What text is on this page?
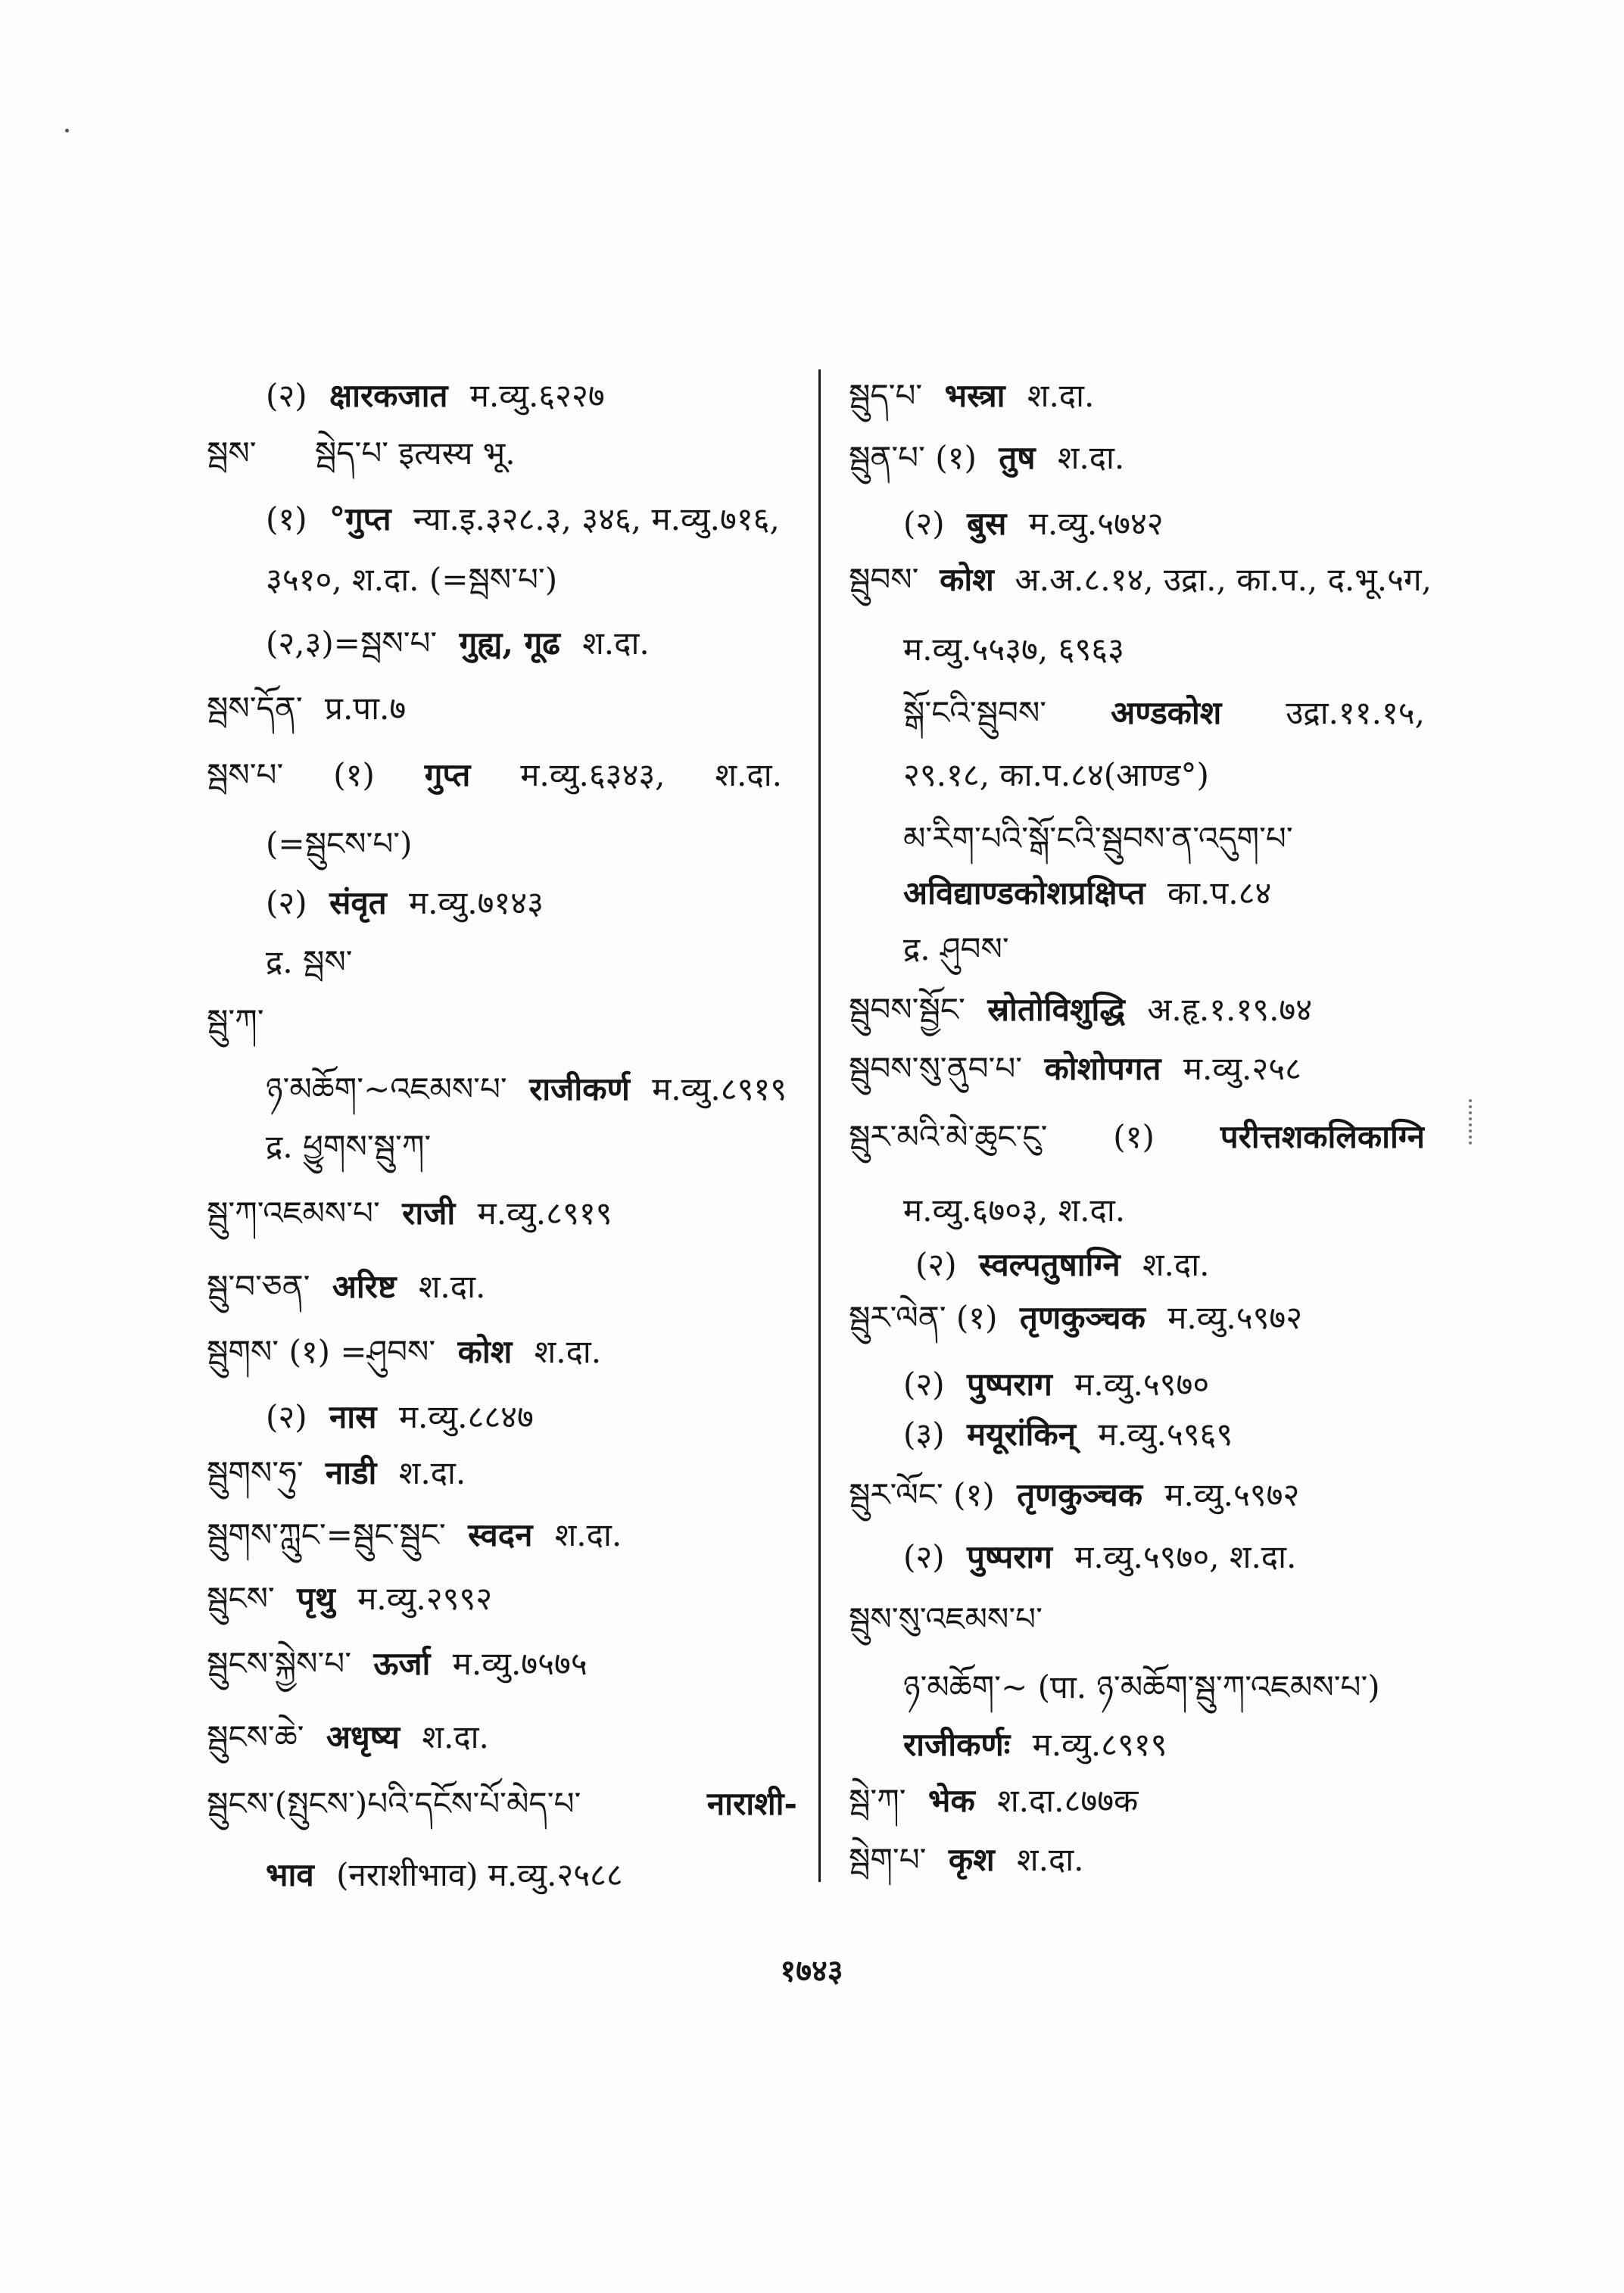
(२) क्षारकजात म.व्यु.६२२७
སྦས་ སྦེད་པ་ इत्यस्य भू.
(१) °गुप्त न्या.इ.३२८.३, ३४६, म.व्यु.७१६,
३५१०, श.दा. (=སྦས་པ་)
(२,३)=སྦས་པ་ गुह्य, गूढ श.दा.
སྦས་དོན་ प्र.पा.७
སྦས་པ་ (१) गुप्त म.व्यु.६३४३, श.दा.
(=སྦུངས་པ་)
(२) संवृत म.व्यु.७१४३
द्र. སྦས་
སྦུ་ཀ་
ཉ་མཆོག་~འཇམས་པ་ राजीकर्ण म.व्यु.८९१९
द्र. ཕྱུགས་སྦུ་ཀ་
སྦུ་ཀ་འཇམས་པ་ राजी म.व्यु.८९१९
སྦུ་བ་ཅན་ अरिष्ट श.दा.
སྦུགས་ (१) =ཤུབས་ कोश श.दा.
(२) नास म.व्यु.८८४७
སྦུགས་ཧུ་ नाडी श.दा.
སྦུགས་ཀླུང་=སྦུང་སྦུང་ स्वदन श.दा.
སྦུངས་ पृथु म.व्यु.२९९२
སྦུངས་སྐྱེས་པ་ ऊर्जा म.व्यु.७५७५
སྦུངས་ཆེ་ अधृष्य श.दा.
སྦུངས་(སྤུངས་)པའི་དངོས་པོ་མེད་པ་	नाराशी-
भाव (नराशीभाव) म.व्यु.२५८८
སྦུད་པ་ भस्त्रा श.दा.
སྦུན་པ་ (१) तुष श.दा.
(२) बुस म.व्यु.५७४२
སྦུབས་ कोश अ.अ.८.१४, उद्रा., का.प., द.भू.५ग,
म.व्यु.५५३७, ६९६३
སྒོ་ངའི་སྦུབས་ अण्डकोश उद्रा.११.१५,
२९.१८, का.प.८४(आण्ड°)
མ་རིག་པའི་སྒོ་ངའི་སྦུབས་ན་འདུག་པ་
अविद्याण्डकोशप्रक्षिप्त का.प.८४
द्र. ཤུབས་
སྦུབས་སྦྱོང་ स्रोतोविशुद्धि अ.हृ.१.१९.७४
སྦུབས་སུ་ནུབ་པ་ कोशोपगत म.व्यु.२५८
སྦུར་མའི་མེ་ཆུང་ངུ་ (१) परीत्तशकलिकाग्नि
म.व्यु.६७०३, श.दा.
(२) स्वल्पतुषाग्नि श.दा.
སྦུར་ལེན་ (१) तृणकुञ्चक म.व्यु.५९७२
(२) पुष्पराग म.व्यु.५९७०
(३) मयूरांकिन् म.व्यु.५९६९
སྦུར་ལོང་ (१) तृणकुञ्चक म.व्यु.५९७२
(२) पुष्पराग म.व्यु.५९७०, श.दा.
སྦུས་སུ་འཇམས་པ་
ཉ་མཆོག་~ (पा. ཉ་མཆོག་སྦུ་ཀ་འཇམས་པ་)
राजीकर्णः म.व्यु.८९१९
སྦེ་ཀ་ भेक श.दा.८७७क
སྦེག་པ་ कृश श.दा.
१७४३
